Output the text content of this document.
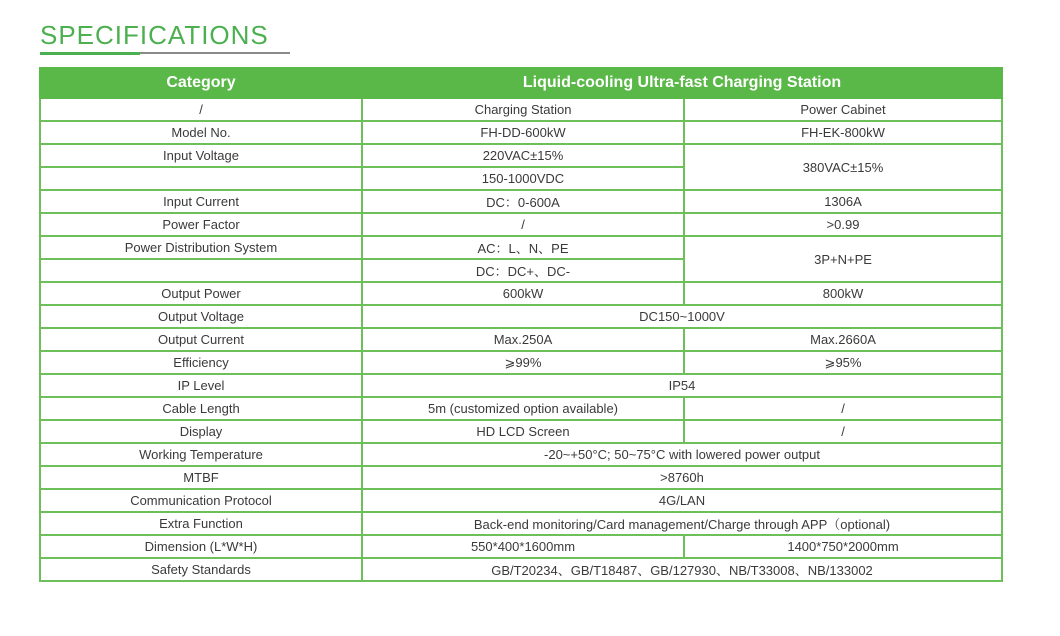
SPECIFICATIONS
Category	Liquid-cooling Ultra-fast Charging Station	
/	Charging Station	Power Cabinet
Model No.	FH-DD-600kW	FH-EK-800kW
Input Voltage	220VAC±15%	380VAC±15%
	150-1000VDC	
Input Current	DC：0-600A	1306A
Power Factor	/	>0.99
Power Distribution System	AC：L、N、PE	3P+N+PE
	DC：DC+、DC-	
Output Power	600kW	800kW
Output Voltage	DC150~1000V	
Output Current	Max.250A	Max.2660A
Efficiency	⩾99%	⩾95%
IP Level	IP54	
Cable Length	5m (customized option available)	/
Display	HD LCD Screen	/
Working Temperature	-20~+50°C; 50~75°C with lowered power output	
MTBF	>8760h	
Communication Protocol	4G/LAN	
Extra Function	Back-end monitoring/Card management/Charge through APP（optional)	
Dimension (L*W*H)	550*400*1600mm	1400*750*2000mm
Safety Standards	GB/T20234、GB/T18487、GB/127930、NB/T33008、NB/133002	
